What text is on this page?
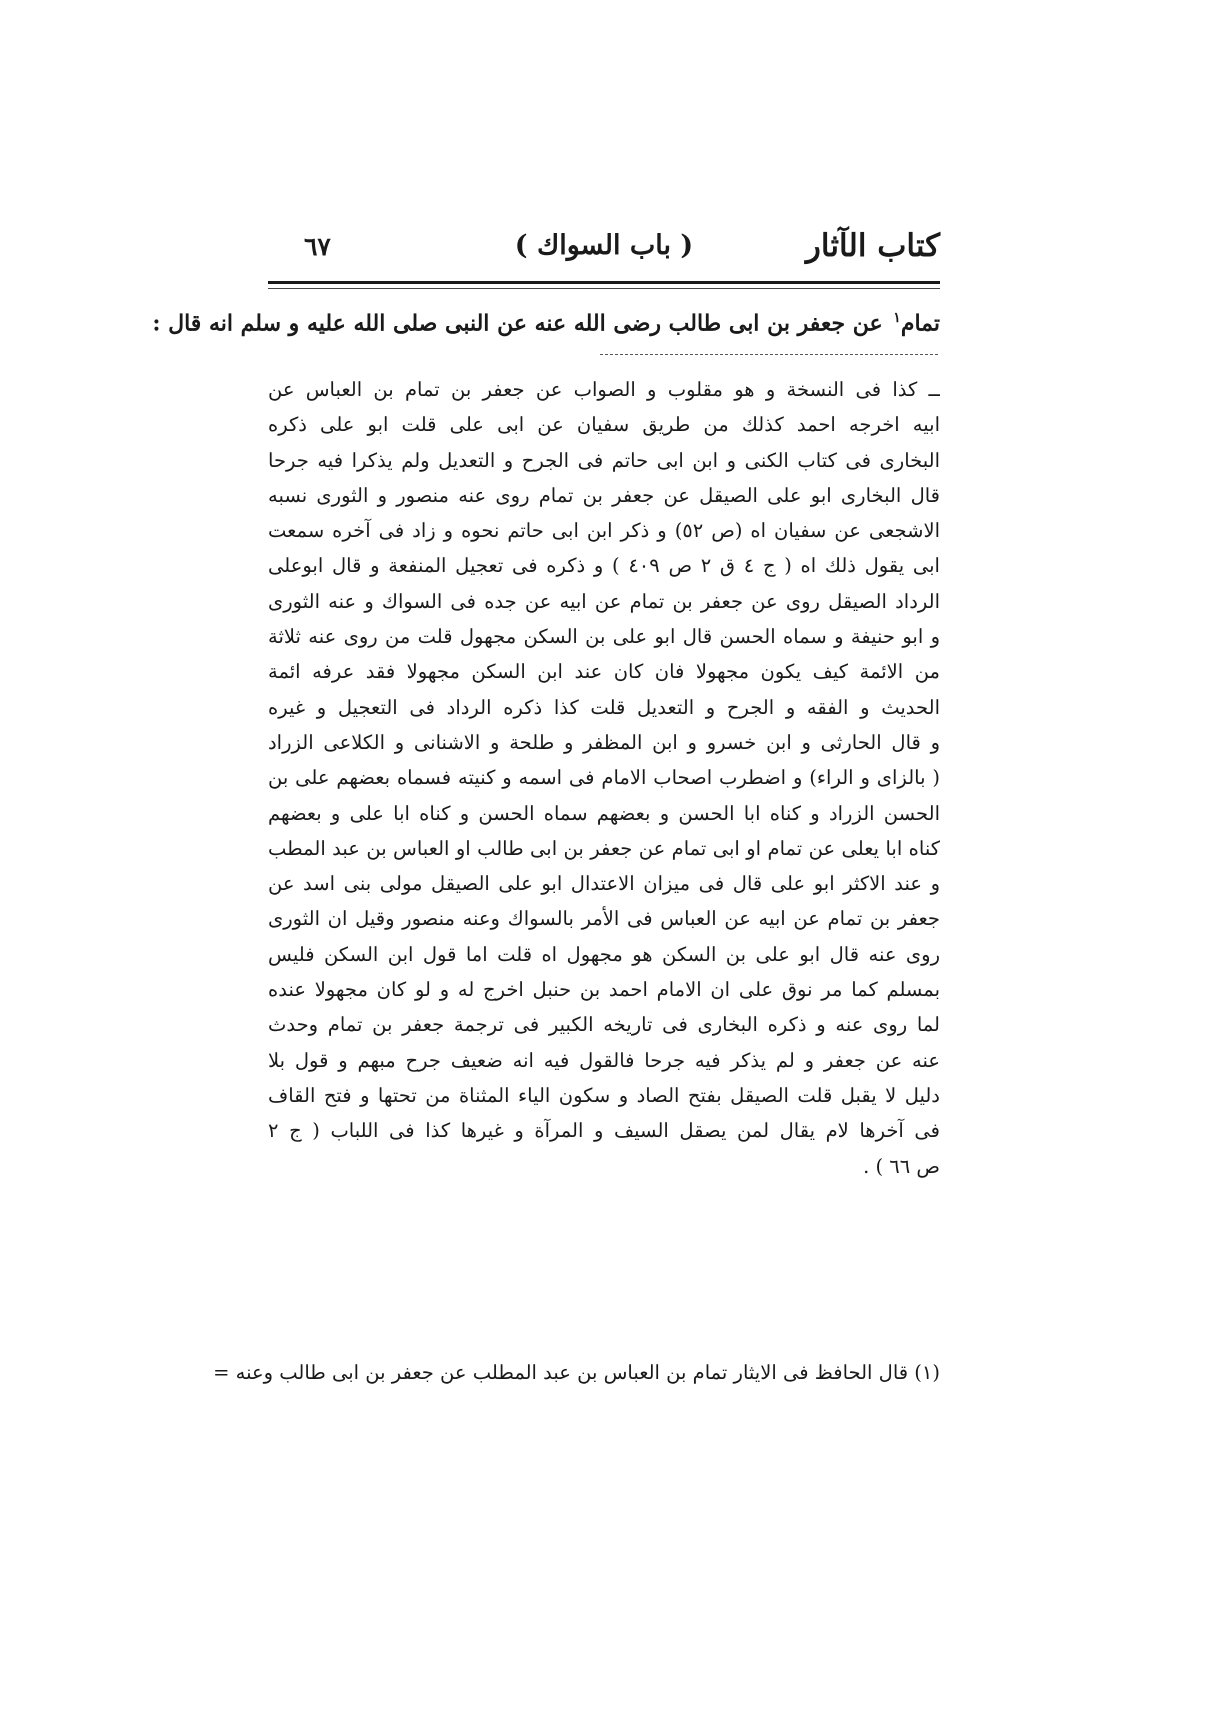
كتاب الآثار
( باب السواك )
٦٧
تمام$^١$ عن جعفر بن ابى طالب رضى الله عنه عن النبى صلى الله عليه و سلم انه قال :
ــ كذا فى النسخة و هو مقلوب و الصواب عن جعفر بن تمام بن العباس عن
ابيه اخرجه احمد كذلك من طريق سفيان عن ابى على قلت ابو على ذكره
البخارى فى كتاب الكنى و ابن ابى حاتم فى الجرح و التعديل ولم يذكرا فيه جرحا
قال البخارى ابو على الصيقل عن جعفر بن تمام روى عنه منصور و الثورى نسبه
الاشجعى عن سفيان اه (ص ٥٢) و ذكر ابن ابى حاتم نحوه و زاد فى آخره سمعت
ابى يقول ذلك اه ( ج ٤ ق ٢ ص ٤٠٩ ) و ذكره فى تعجيل المنفعة و قال ابوعلى
الرداد الصيقل روى عن جعفر بن تمام عن ابيه عن جده فى السواك و عنه الثورى
و ابو حنيفة و سماه الحسن قال ابو على بن السكن مجهول قلت من روى عنه ثلاثة
من الائمة كيف يكون مجهولا فان كان عند ابن السكن مجهولا فقد عرفه ائمة
الحديث و الفقه و الجرح و التعديل قلت كذا ذكره الرداد فى التعجيل و غيره
و قال الحارثى و ابن خسرو و ابن المظفر و طلحة و الاشنانى و الكلاعى الزراد
( بالزاى و الراء) و اضطرب اصحاب الامام فى اسمه و كنيته فسماه بعضهم على بن
الحسن الزراد و كناه ابا الحسن و بعضهم سماه الحسن و كناه ابا على و بعضهم
كناه ابا يعلى عن تمام او ابى تمام عن جعفر بن ابى طالب او العباس بن عبد المطب
و عند الاكثر ابو على قال فى ميزان الاعتدال ابو على الصيقل مولى بنى اسد عن
جعفر بن تمام عن ابيه عن العباس فى الأمر بالسواك وعنه منصور وقيل ان الثورى
روى عنه قال ابو على بن السكن هو مجهول اه قلت اما قول ابن السكن فليس
بمسلم كما مر نوق على ان الامام احمد بن حنبل اخرج له و لو كان مجهولا عنده
لما روى عنه و ذكره البخارى فى تاريخه الكبير فى ترجمة جعفر بن تمام وحدث
عنه عن جعفر و لم يذكر فيه جرحا فالقول فيه انه ضعيف جرح مبهم و قول بلا
دليل لا يقبل قلت الصيقل بفتح الصاد و سكون الياء المثناة من تحتها و فتح القاف
فى آخرها لام يقال لمن يصقل السيف و المرآة و غيرها كذا فى اللباب ( ج ٢
ص ٦٦ ) .
(١) قال الحافظ فى الايثار تمام بن العباس بن عبد المطلب عن جعفر بن ابى طالب وعنه =
